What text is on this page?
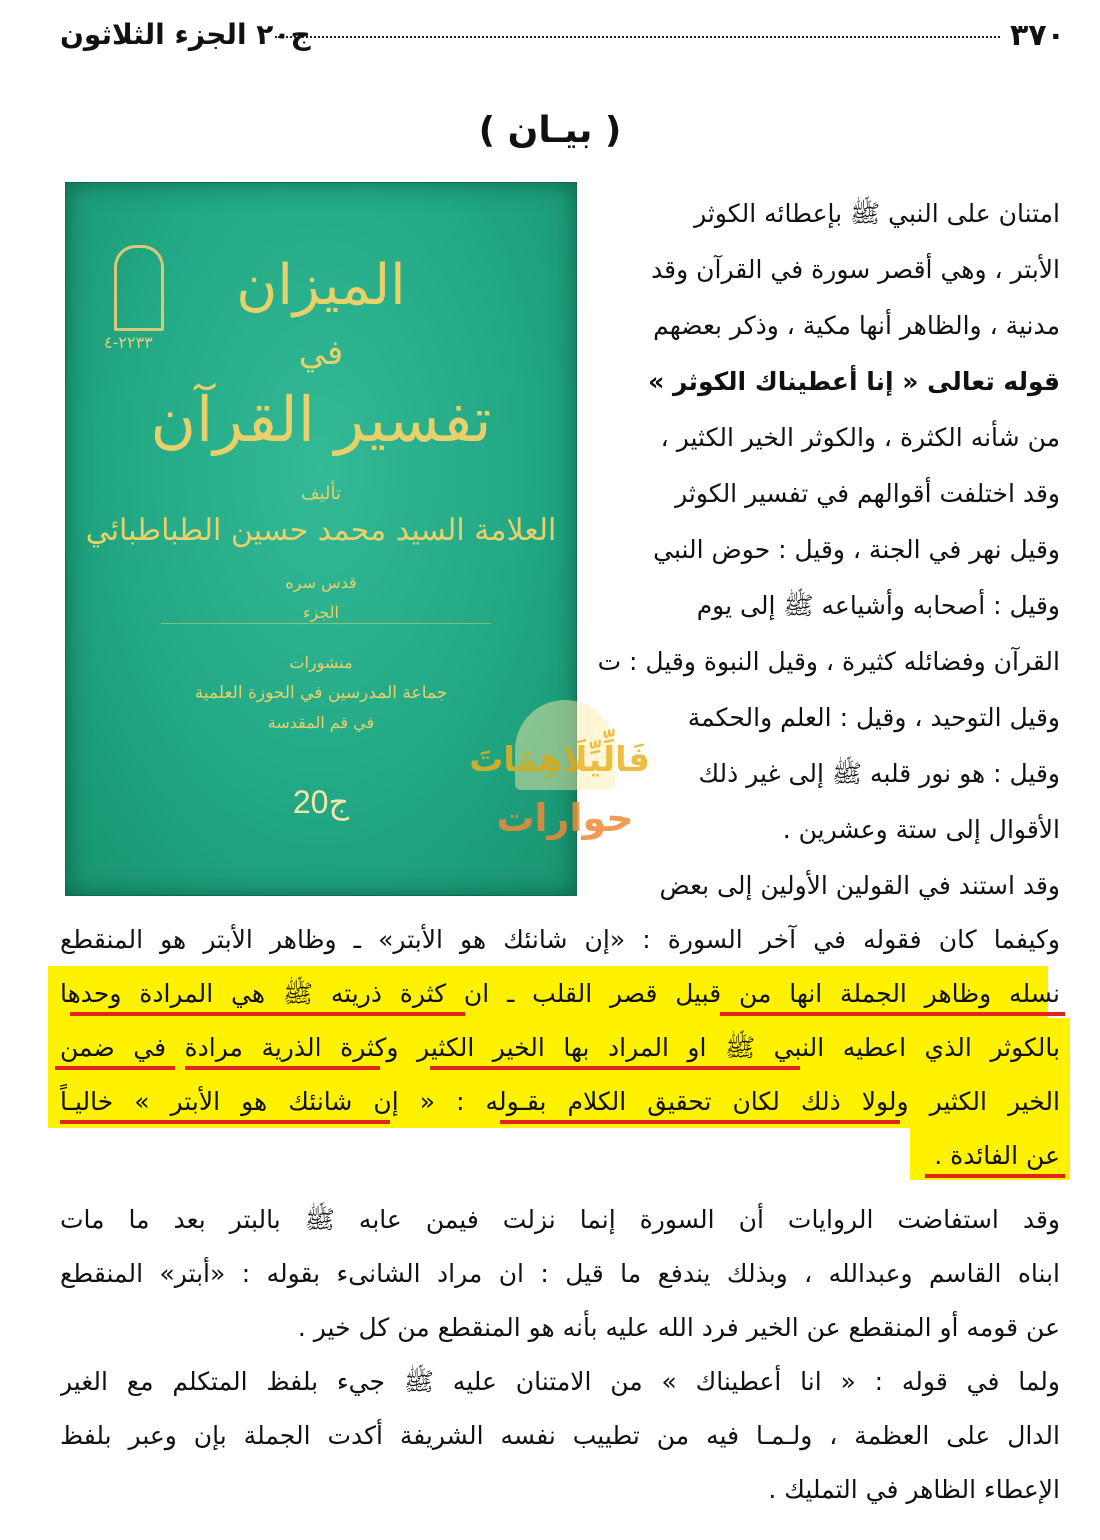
٣٧٠
ج٢٠ الجزء الثلاثون
( بيـان )
امتنان على النبي ﷺ بإعطائه الكوثر
الأبتر ، وهي أقصر سورة في القرآن وقد
مدنية ، والظاهر أنها مكية ، وذكر بعضهم
قوله تعالى « إنا أعطيناك الكوثر »
من شأنه الكثرة ، والكوثر الخير الكثير ،
وقد اختلفت أقوالهم في تفسير الكوثر
وقيل نهر في الجنة ، وقيل : حوض النبي
وقيل : أصحابه وأشياعه ﷺ إلى يوم
القرآن وفضائله كثيرة ، وقيل النبوة وقيل : ت
وقيل التوحيد ، وقيل : العلم والحكمة
وقيل : هو نور قلبه ﷺ إلى غير ذلك
الأقوال إلى ستة وعشرين .
وقد استند في القولين الأولين إلى بعض
وكيفما كان فقوله في آخر السورة : «إن شانئك هو الأبتر» ـ وظاهر الأبتر هو المنقطع
نسله وظاهر الجملة انها من قبيل قصر القلب ـ ان كثرة ذريته ﷺ هي المرادة وحدها
بالكوثر الذي اعطيه النبي ﷺ او المراد بها الخير الكثير وكثرة الذرية مرادة في ضمن
الخير الكثير ولولا ذلك لكان تحقيق الكلام بقـوله : « إن شانئك هو الأبتر » خاليـاً
عن الفائدة .
وقد استفاضت الروايات أن السورة إنما نزلت فيمن عابه ﷺ بالبتر بعد ما مات
ابناه القاسم وعبدالله ، وبذلك يندفع ما قيل : ان مراد الشانىء بقوله : «أبتر» المنقطع
عن قومه أو المنقطع عن الخير فرد الله عليه بأنه هو المنقطع من كل خير .
ولما في قوله : « انا أعطيناك » من الامتنان عليه ﷺ جيء بلفظ المتكلم مع الغير
الدال على العظمة ، ولـمـا فيه من تطييب نفسه الشريفة أكدت الجملة بإن وعبر بلفظ
الإعطاء الظاهر في التمليك .
٢٢٣٣-٤
الميزان
في
تفسير القرآن
تأليف
العلامة السيد محمد حسين الطباطبائي
قدس سره
الجزء
منشورات
جماعة المدرسين في الحوزة العلمية
في قم المقدسة
ج20
فَالِّيِّلَاهِمَاتَ
حوارات
